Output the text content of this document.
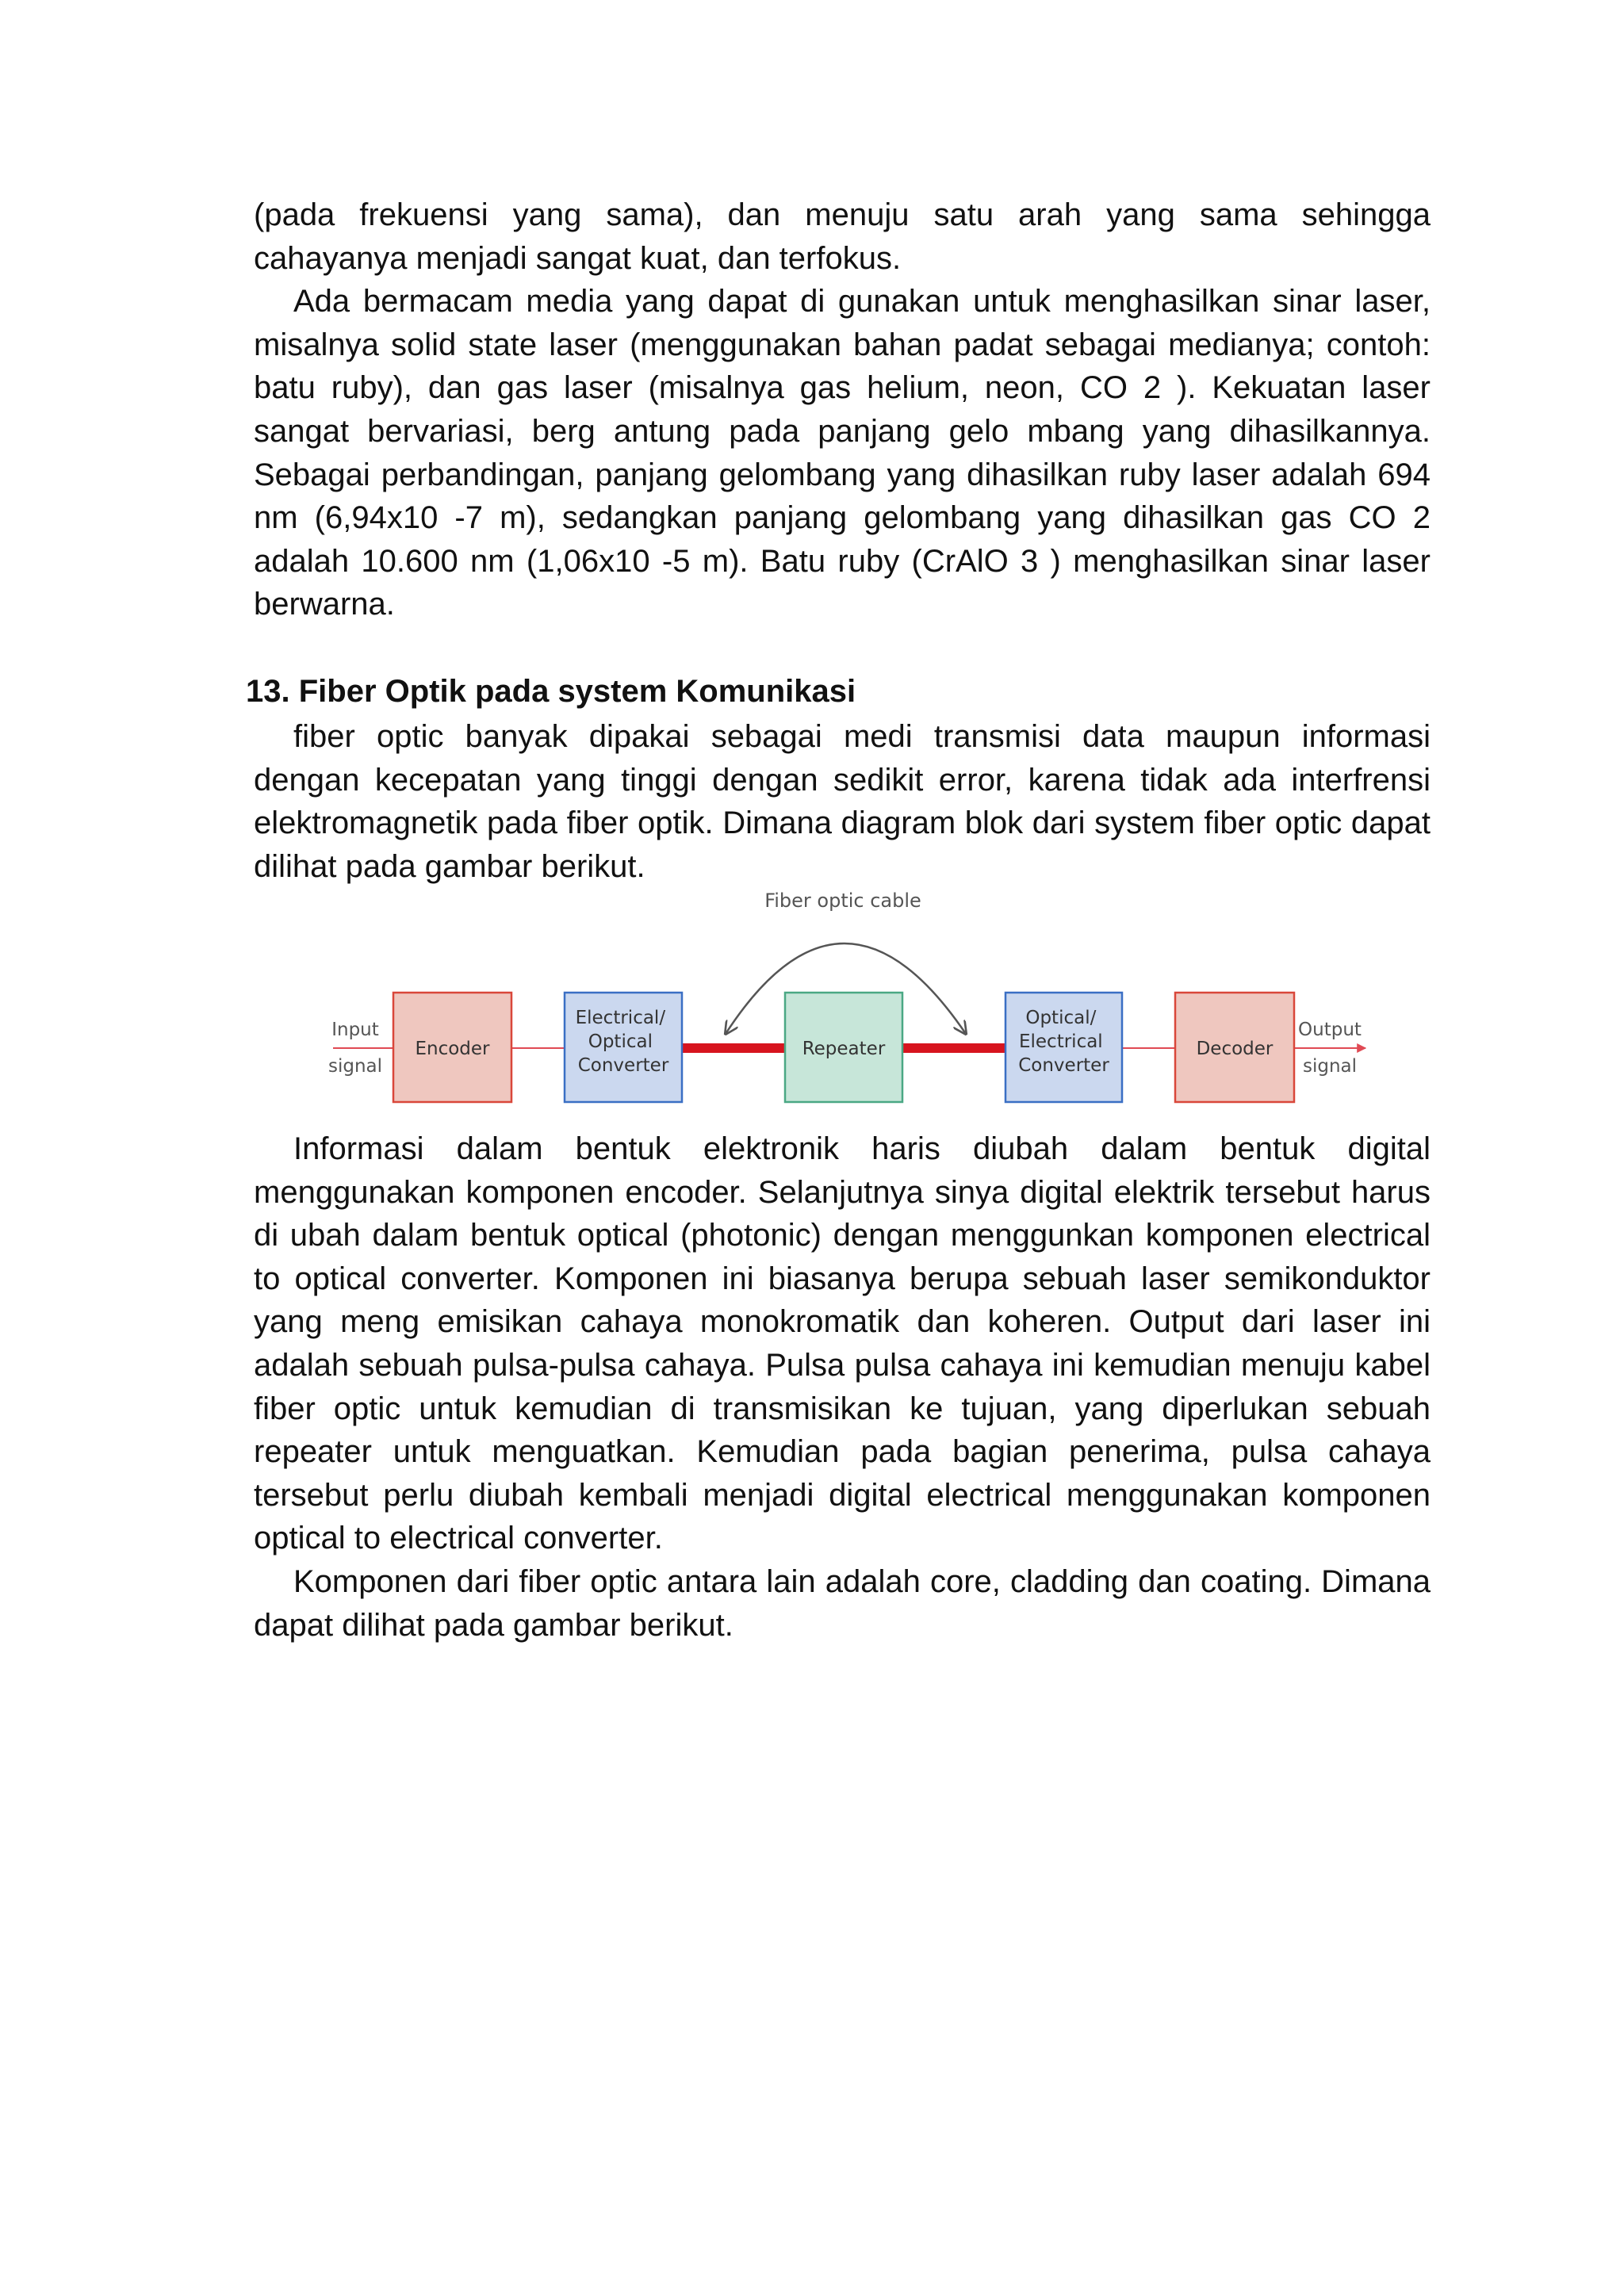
(pada frekuensi yang sama), dan menuju satu arah yang sama sehingga cahayanya menjadi sangat kuat, dan terfokus.

Ada bermacam media yang dapat di gunakan untuk menghasilkan sinar laser, misalnya solid state laser (menggunakan bahan padat sebagai medianya; contoh: batu ruby), dan gas laser (misalnya gas helium, neon, CO 2 ). Kekuatan laser sangat bervariasi, berg antung pada panjang gelo mbang yang dihasilkannya. Sebagai perbandingan, panjang gelombang yang dihasilkan ruby laser adalah 694 nm (6,94x10 -7 m), sedangkan panjang gelombang yang dihasilkan gas CO 2 adalah 10.600 nm (1,06x10 -5 m). Batu ruby (CrAlO 3 ) menghasilkan sinar laser berwarna.

13. Fiber Optik pada system Komunikasi

fiber optic banyak dipakai sebagai medi transmisi data maupun informasi dengan kecepatan yang tinggi dengan sedikit error, karena tidak ada interfrensi elektromagnetik pada fiber optik. Dimana diagram blok dari system fiber optic dapat dilihat pada gambar berikut.

Fiber optic cable
Input
signal
Output
signal
Encoder
Electrical/ Optical Converter
Repeater
Optical/ Electrical Converter
Decoder

Informasi dalam bentuk elektronik haris diubah dalam bentuk digital menggunakan komponen encoder. Selanjutnya sinya digital elektrik tersebut harus di ubah dalam bentuk optical (photonic) dengan menggunkan komponen electrical to optical converter. Komponen ini biasanya berupa sebuah laser semikonduktor yang meng emisikan cahaya monokromatik dan koheren. Output dari laser ini adalah sebuah pulsa-pulsa cahaya. Pulsa pulsa cahaya ini kemudian menuju kabel fiber optic untuk kemudian di transmisikan ke tujuan, yang diperlukan sebuah repeater untuk menguatkan. Kemudian pada bagian penerima, pulsa cahaya tersebut perlu diubah kembali menjadi digital electrical menggunakan komponen optical to electrical converter.

Komponen dari fiber optic antara lain adalah core, cladding dan coating. Dimana dapat dilihat pada gambar berikut.
